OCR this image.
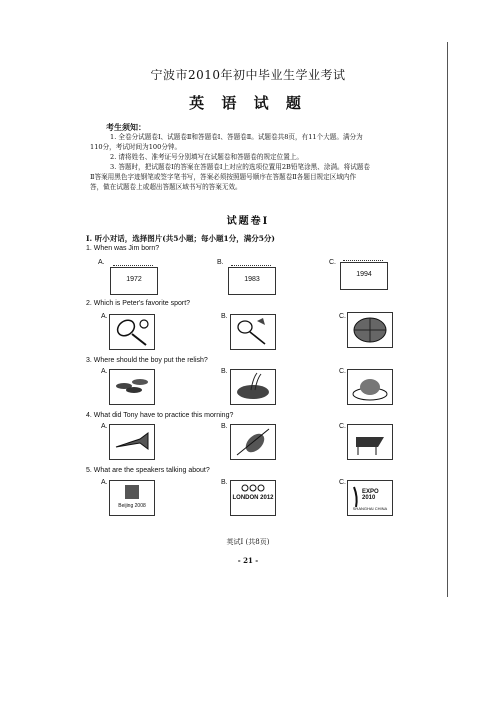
宁波市2010年初中毕业生学业考试
英 语 试 题
考生须知：
1. 全卷分试题卷Ⅰ、试题卷Ⅱ和答题卷Ⅰ、答题卷Ⅱ。试题卷共8页，有11个大题。满分为
110分，考试时间为100分钟。
2. 请将姓名、准考证号分别填写在试题卷和答题卷的规定位置上。
3. 答题时，把试题卷Ⅰ的答案在答题卷Ⅰ上对应的选项位置用2B铅笔涂黑、涂满。将试题卷
Ⅱ答案用黑色字迹钢笔或签字笔书写，答案必须按照题号顺序在答题卷Ⅱ各题目规定区域内作
答，做在试题卷上或超出答题区域书写的答案无效。
试题卷Ⅰ
Ⅰ. 听小对话，选择图片(共5小题；每小题1分，满分5分)
1. When was Jim born?
A.
1972
B.
1983
C.
1994
2. Which is Peter's favorite sport?
A.	B.	C.
3. Where should the boy put the relish?
A.	B.	C.
4. What did Tony have to practice this morning?
A.	B.	C.
5. What are the speakers talking about?
A.
Beijing 2008
B.
LONDON 2012
C.
EXPO 2010
SHANGHAI CHINA
英试Ⅰ (共8页)
- 21 -
